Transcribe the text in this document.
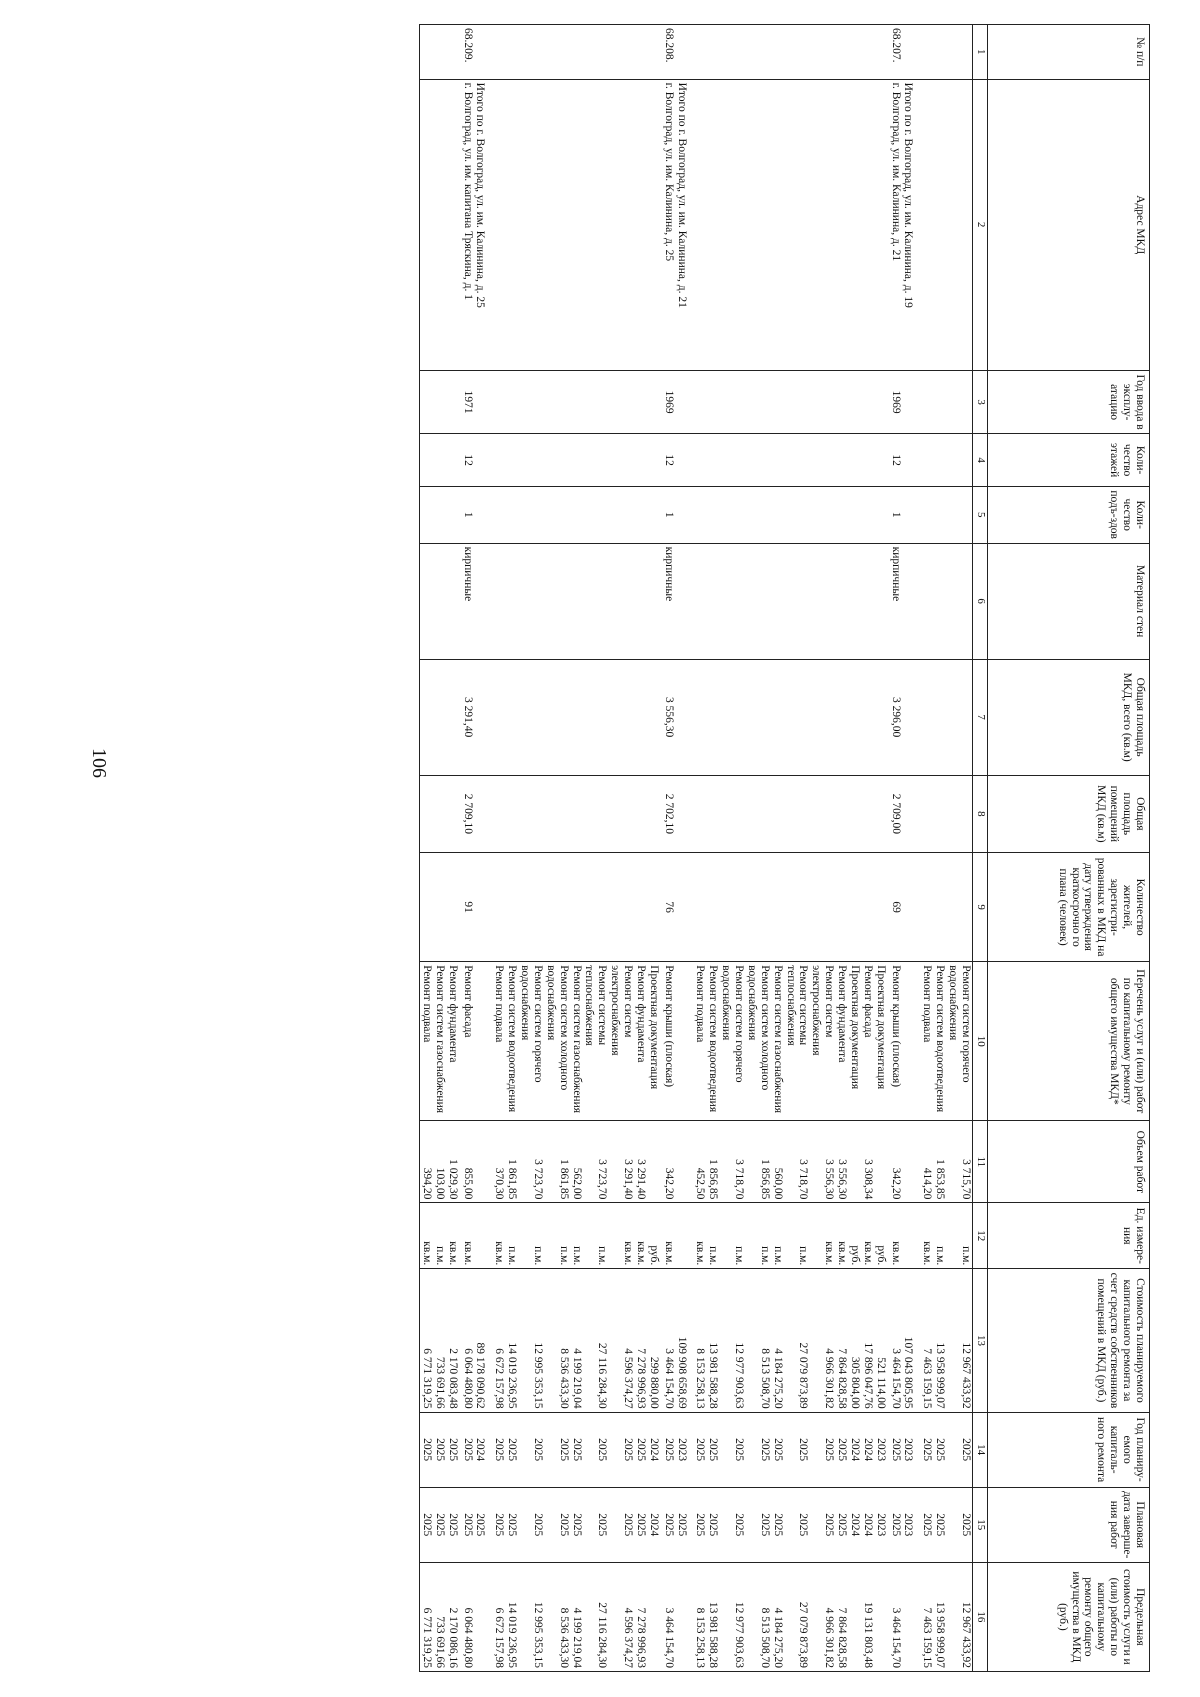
№ п/п	Адрес МКД	Год ввода в эксплу-атацию	Коли-чество этажей	Коли-чество подъ-здов	Материал стен	Общая площадь МКД, всего (кв.м)	Общая площадь помещений МКД (кв.м)	Количество жителей, зарегистри-рованных в МКД на дату утверждения краткосрочно го плана (человек)	Перечень услуг и (или) работ по капитальному ремонту общего имущества МКД*	Объем работ	Ед. измере-ния	Стоимость планируемого капитального ремонта за счет средств собственников помещений в МКД (руб.)	Год планиру-емого капиталь-ного ремонта	Плановая дата заверше-ния работ	Предельная стоимость услуги и (или) работы по капитальному ремонту общего имущества в МКД (руб.)
1	2	3	4	5	6	7	8	9	10	11	12	13	14	15	16
									Ремонт систем горячего водоснабжения	3 715,70	п.м.	12 967 433,92	2025	2025	12 967 433,92
									Ремонт систем водоотведения	1 853,85	п.м.	13 958 999,07	2025	2025	13 958 999,07
									Ремонт подвала	414,20	кв.м.	7 463 159,15	2025	2025	7 463 159,15
	Итого по г. Волгоград, ул. им. Калинина, д. 19											107 043 805,95	2023	2023	
68.207.	г. Волгоград, ул. им. Калинина, д. 21	1969	12	1	кирпичные	3 296,00	2 709,00	69	Ремонт крыши (плоская)	342,20	кв.м.	3 464 154,70	2025	2025	3 464 154,70
									Проектная документация		руб.	521 114,00	2023	2023	
									Ремонт фасада	3 308,34	кв.м.	17 896 047,76	2024	2024	19 131 803,48
									Проектная документация		руб.	305 804,00	2024	2024	
									Ремонт фундамента	3 556,30	кв.м.	7 864 828,58	2025	2025	7 864 828,58
									Ремонт систем электроснабжения	3 556,30	кв.м.	4 966 301,82	2025	2025	4 966 301,82
									Ремонт системы теплоснабжения	3 718,70	п.м.	27 079 873,89	2025	2025	27 079 873,89
									Ремонт систем газоснабжения	560,00	п.м.	4 184 275,20	2025	2025	4 184 275,20
									Ремонт систем холодного водоснабжения	1 856,85	п.м.	8 513 508,70	2025	2025	8 513 508,70
									Ремонт систем горячего водоснабжения	3 718,70	п.м.	12 977 903,63	2025	2025	12 977 903,63
									Ремонт систем водоотведения	1 856,85	п.м.	13 981 588,28	2025	2025	13 981 588,28
									Ремонт подвала	452,50	кв.м.	8 153 258,13	2025	2025	8 153 258,13
	Итого по г. Волгоград, ул. им. Калинина, д. 21											109 908 658,69	2023	2025	
68.208.	г. Волгоград, ул. им. Калинина, д. 25	1969	12	1	кирпичные	3 556,30	2 702,10	76	Ремонт крыши (плоская)	342,20	кв.м.	3 464 154,70	2025	2025	3 464 154,70
									Проектная документация		руб.	299 880,00	2024	2024	
									Ремонт фундамента	3 291,40	кв.м.	7 278 996,93	2025	2025	7 278 996,93
									Ремонт систем электроснабжения	3 291,40	кв.м.	4 596 374,27	2025	2025	4 596 374,27
									Ремонт системы теплоснабжения	3 723,70	п.м.	27 116 284,30	2025	2025	27 116 284,30
									Ремонт систем газоснабжения	562,00	п.м.	4 199 219,04	2025	2025	4 199 219,04
									Ремонт систем холодного водоснабжения	1 861,85	п.м.	8 536 433,30	2025	2025	8 536 433,30
									Ремонт систем горячего водоснабжения	3 723,70	п.м.	12 995 353,15	2025	2025	12 995 353,15
									Ремонт систем водоотведения	1 861,85	п.м.	14 019 236,95	2025	2025	14 019 236,95
									Ремонт подвала	370,30	кв.м.	6 672 157,98	2025	2025	6 672 157,98
	Итого по г. Волгоград, ул. им. Калинина, д. 25											89 178 090,62	2024	2025	
68.209.	г. Волгоград, ул. им. капитана Тряскина, д. 1	1971	12	1	кирпичные	3 291,40	2 709,10	91	Ремонт фасада	855,00	кв.м.	6 064 480,80	2025	2025	6 064 480,80
									Ремонт фундамента	1 029,30	кв.м.	2 170 083,48	2025	2025	2 170 086,16
									Ремонт систем газоснабжения	103,00	п.м.	733 691,66	2025	2025	733 691,66
									Ремонт подвала	394,20	кв.м.	6 771 319,25	2025	2025	6 771 319,25
106
